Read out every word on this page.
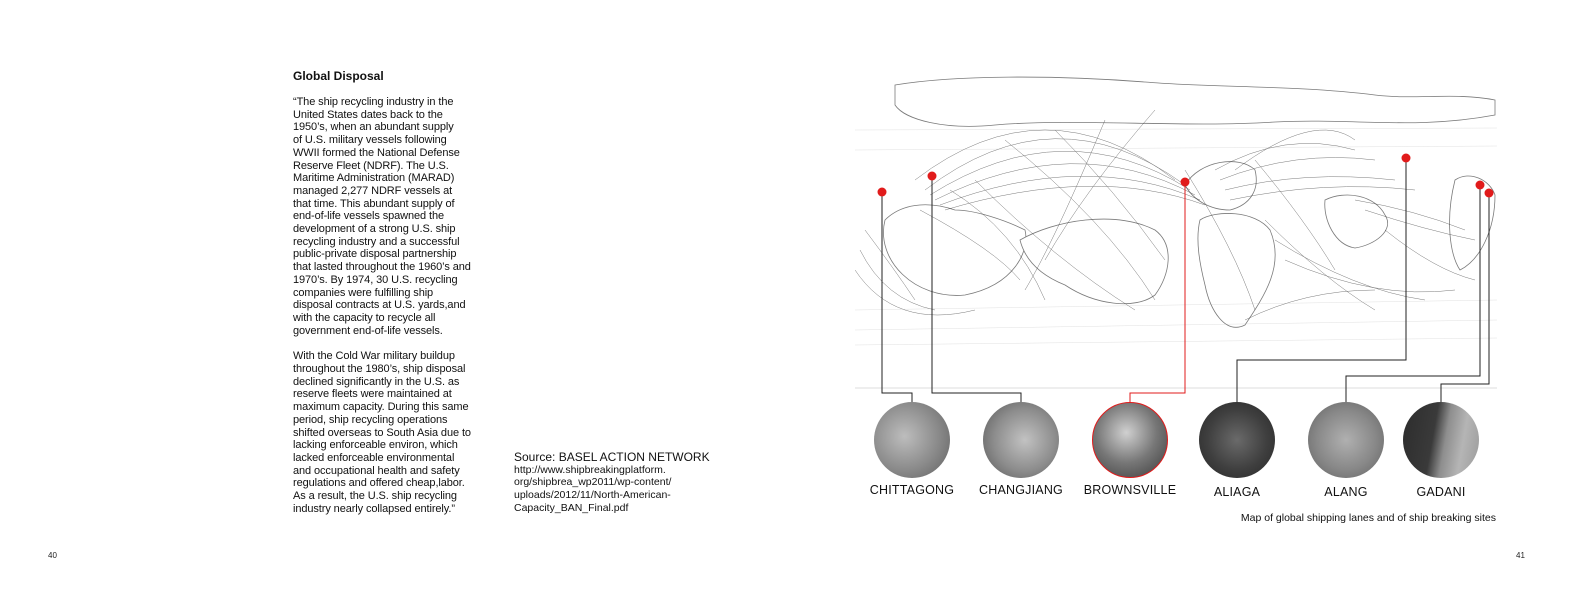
Global Disposal

“The ship recycling industry in the
United States dates back to the
1950’s, when an abundant supply
of U.S. military vessels following
WWII formed the National Defense
Reserve Fleet (NDRF). The U.S.
Maritime Administration (MARAD)
managed 2,277 NDRF vessels at
that time. This abundant supply of
end-of-life vessels spawned the
development of a strong U.S. ship
recycling industry and a successful
public-private disposal partnership
that lasted throughout the 1960’s and
1970’s. By 1974, 30 U.S. recycling
companies were fulfilling ship
disposal contracts at U.S. yards,and
with the capacity to recycle all
government end-of-life vessels.

With the Cold War military buildup
throughout the 1980’s, ship disposal
declined significantly in the U.S. as
reserve fleets were maintained at
maximum capacity. During this same
period, ship recycling operations
shifted overseas to South Asia due to
lacking enforceable environ, which
lacked enforceable environmental
and occupational health and safety
regulations and offered cheap,labor.
As a result, the U.S. ship recycling
industry nearly collapsed entirely.”

Source: BASEL ACTION NETWORK
http://www.shipbreakingplatform.
org/shipbrea_wp2011/wp-content/
uploads/2012/11/North-American-
Capacity_BAN_Final.pdf
40
CHITTAGONG	CHANGJIANG	BROWNSVILLE	ALIAGA	ALANG	GADANI
Map of global shipping lanes and of ship breaking sites
41
